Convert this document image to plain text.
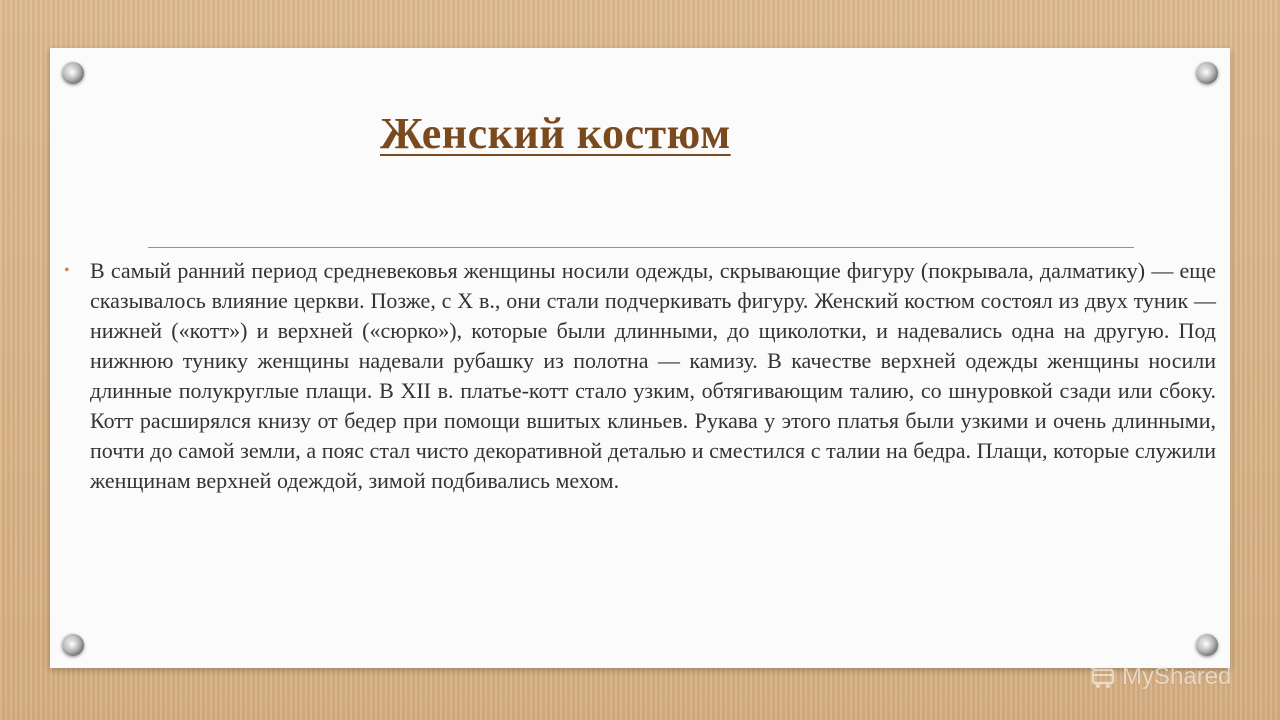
Женский костюм
• В самый ранний период средневековья женщины носили одежды, скрывающие фигуру (покрывала, далматику) — еще сказывалось влияние церкви. Позже, с X в., они стали подчеркивать фигуру. Женский костюм состоял из двух туник — нижней («котт») и верхней («сюрко»), которые были длинными, до щиколотки, и надевались одна на другую. Под нижнюю тунику женщины надевали рубашку из полотна — камизу. В качестве верхней одежды женщины носили длинные полукруглые плащи. В XII в. платье-котт стало узким, обтягивающим талию, со шнуровкой сзади или сбоку. Котт расширялся книзу от бедер при помощи вшитых клиньев. Рукава у этого платья были узкими и очень длинными, почти до самой земли, а пояс стал чисто декоративной деталью и сместился с талии на бедра. Плащи, которые служили женщинам верхней одеждой, зимой подбивались мехом.

MyShared
